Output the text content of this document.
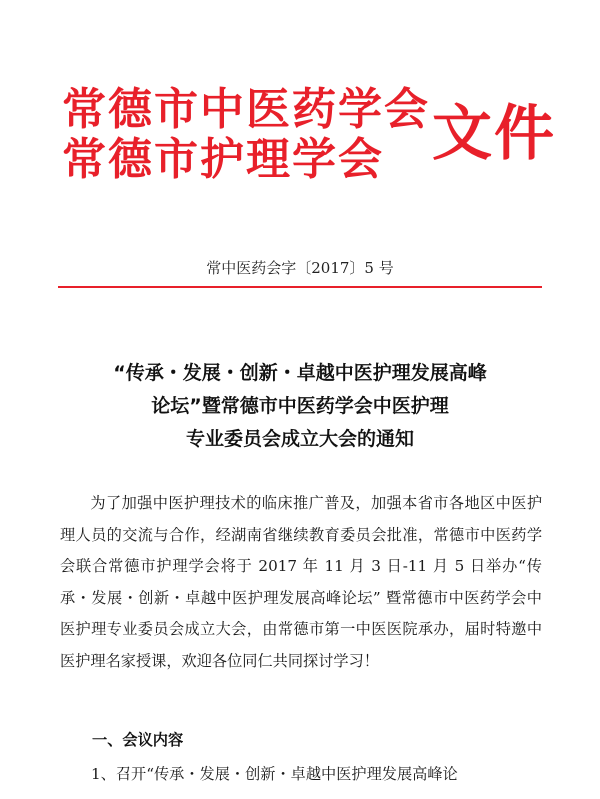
常德市中医药学会
常德市护理学会 文件
常中医药会字〔2017〕5 号
“传承・发展・创新・卓越中医护理发展高峰
论坛”暨常德市中医药学会中医护理
专业委员会成立大会的通知

为了加强中医护理技术的临床推广普及，加强本省市各地区中医护理人员的交流与合作，经湖南省继续教育委员会批准，常德市中医药学会联合常德市护理学会将于 2017 年 11 月 3 日-11 月 5 日举办“传承・发展・创新・卓越中医护理发展高峰论坛” 暨常德市中医药学会中医护理专业委员会成立大会，由常德市第一中医医院承办，届时特邀中医护理名家授课，欢迎各位同仁共同探讨学习！

一、会议内容
1、召开“传承・发展・创新・卓越中医护理发展高峰论
